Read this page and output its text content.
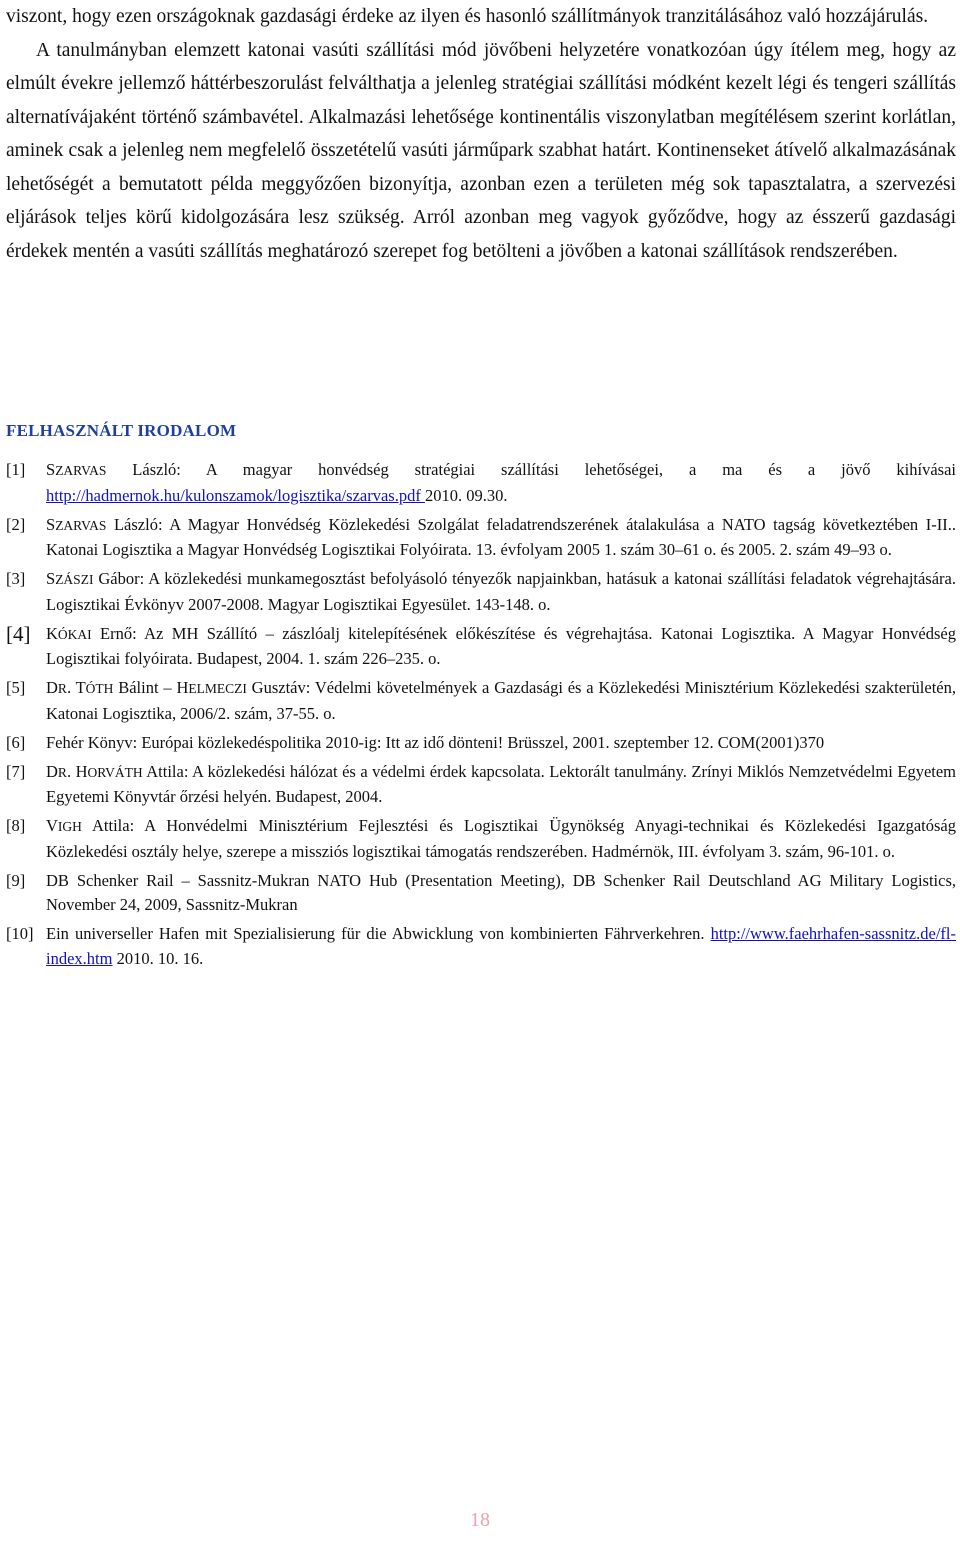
viszont, hogy ezen országoknak gazdasági érdeke az ilyen és hasonló szállítmányok tranzitálásához való hozzájárulás.

A tanulmányban elemzett katonai vasúti szállítási mód jövőbeni helyzetére vonatkozóan úgy ítélem meg, hogy az elmúlt évekre jellemző háttérbeszorulást felválthatja a jelenleg stratégiai szállítási módként kezelt légi és tengeri szállítás alternatívájaként történő számbavétel. Alkalmazási lehetősége kontinentális viszonylatban megítélésem szerint korlátlan, aminek csak a jelenleg nem megfelelő összetételű vasúti járműpark szabhat határt. Kontinenseket átívelő alkalmazásának lehetőségét a bemutatott példa meggyőzően bizonyítja, azonban ezen a területen még sok tapasztalatra, a szervezési eljárások teljes körű kidolgozására lesz szükség. Arról azonban meg vagyok győződve, hogy az ésszerű gazdasági érdekek mentén a vasúti szállítás meghatározó szerepet fog betölteni a jövőben a katonai szállítások rendszerében.

FELHASZNÁLT IRODALOM
[1] SZARVAS László: A magyar honvédség stratégiai szállítási lehetőségei, a ma és a jövő kihívásai http://hadmernok.hu/kulonszamok/logisztika/szarvas.pdf 2010. 09.30.
[2] SZARVAS László: A Magyar Honvédség Közlekedési Szolgálat feladatrendszerének átalakulása a NATO tagság következtében I-II.. Katonai Logisztika a Magyar Honvédség Logisztikai Folyóirata. 13. évfolyam 2005 1. szám 30–61 o. és 2005. 2. szám 49–93 o.
[3] SZÁSZI Gábor: A közlekedési munkamegosztást befolyásoló tényezők napjainkban, hatásuk a katonai szállítási feladatok végrehajtására. Logisztikai Évkönyv 2007-2008. Magyar Logisztikai Egyesület. 143-148. o.
[4] KÓKAI Ernő: Az MH Szállító – zászlóalj kitelepítésének előkészítése és végrehajtása. Katonai Logisztika. A Magyar Honvédség Logisztikai folyóirata. Budapest, 2004. 1. szám 226–235. o.
[5] DR. TÓTH Bálint – HELMECZI Gusztáv: Védelmi követelmények a Gazdasági és a Közlekedési Minisztérium Közlekedési szakterületén, Katonai Logisztika, 2006/2. szám, 37-55. o.
[6] Fehér Könyv: Európai közlekedéspolitika 2010-ig: Itt az idő dönteni! Brüsszel, 2001. szeptember 12. COM(2001)370
[7] DR. HORVÁTH Attila: A közlekedési hálózat és a védelmi érdek kapcsolata. Lektorált tanulmány. Zrínyi Miklós Nemzetvédelmi Egyetem Egyetemi Könyvtár őrzési helyén. Budapest, 2004.
[8] VIGH Attila: A Honvédelmi Minisztérium Fejlesztési és Logisztikai Ügynökség Anyagi-technikai és Közlekedési Igazgatóság Közlekedési osztály helye, szerepe a missziós logisztikai támogatás rendszerében. Hadmérnök, III. évfolyam 3. szám, 96-101. o.
[9] DB Schenker Rail – Sassnitz-Mukran NATO Hub (Presentation Meeting), DB Schenker Rail Deutschland AG Military Logistics, November 24, 2009, Sassnitz-Mukran
[10] Ein universeller Hafen mit Spezialisierung für die Abwicklung von kombinierten Fährverkehren. http://www.faehrhafen-sassnitz.de/fl-index.htm 2010. 10. 16.
18
